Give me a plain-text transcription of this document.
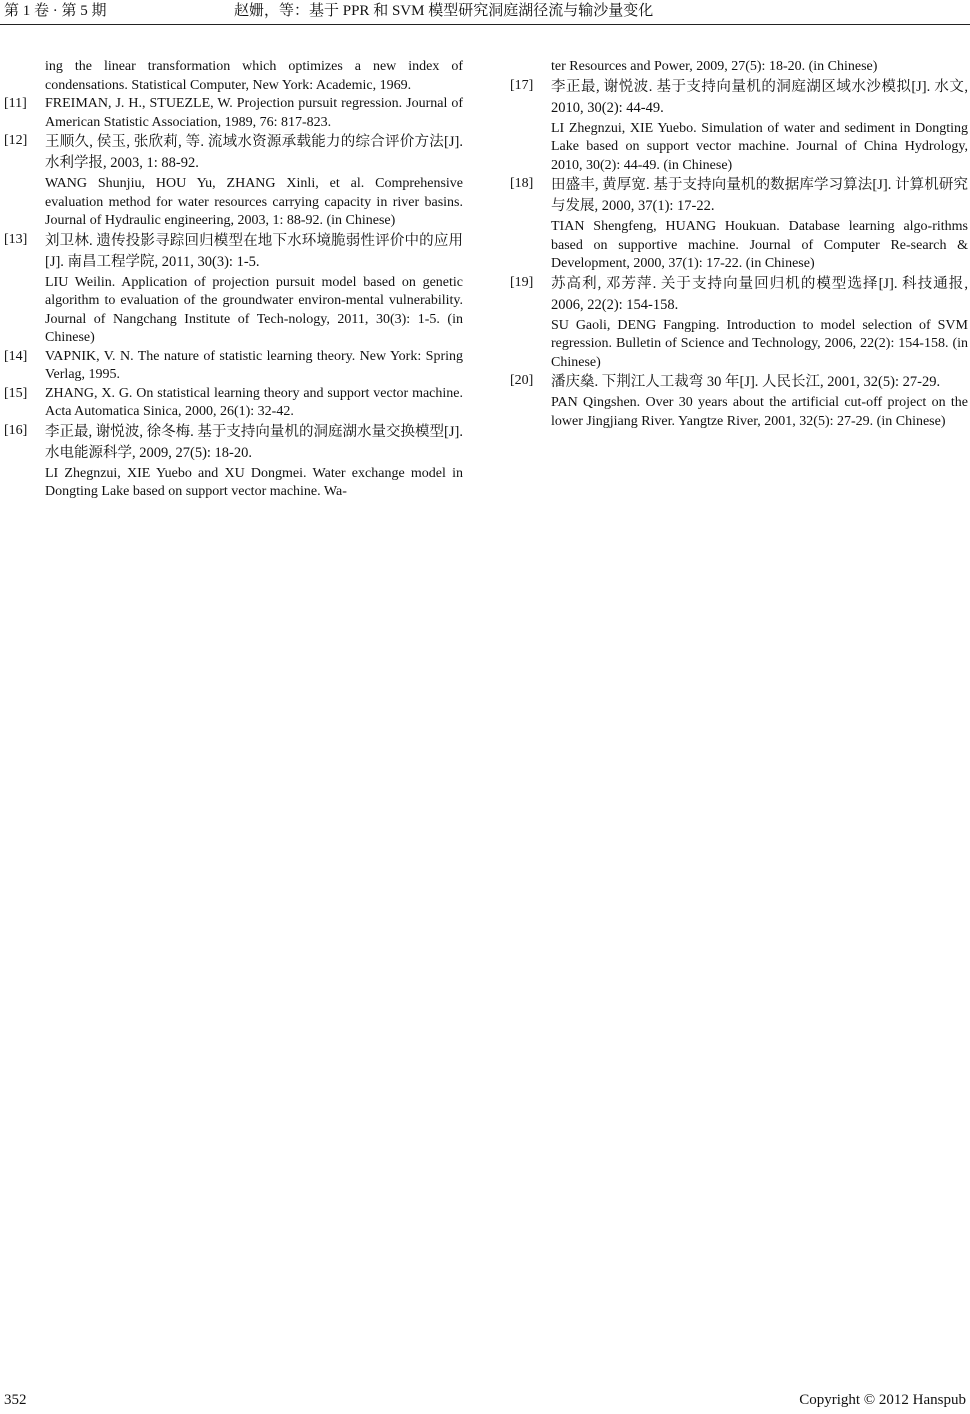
第 1 卷 · 第 5 期	赵姗，等：基于 PPR 和 SVM 模型研究洞庭湖径流与输沙量变化

ing the linear transformation which optimizes a new index of condensations. Statistical Computer, New York: Academic, 1969.

[11] FREIMAN, J. H., STUEZLE, W. Projection pursuit regression. Journal of American Statistic Association, 1989, 76: 817-823.

[12] 王顺久, 侯玉, 张欣莉, 等. 流域水资源承载能力的综合评价方法[J]. 水利学报, 2003, 1: 88-92.

WANG Shunjiu, HOU Yu, ZHANG Xinli, et al. Comprehensive evaluation method for water resources carrying capacity in river basins. Journal of Hydraulic engineering, 2003, 1: 88-92. (in Chinese)

[13] 刘卫林. 遗传投影寻踪回归模型在地下水环境脆弱性评价中的应用[J]. 南昌工程学院, 2011, 30(3): 1-5.

LIU Weilin. Application of projection pursuit model based on genetic algorithm to evaluation of the groundwater environ-mental vulnerability. Journal of Nangchang Institute of Tech-nology, 2011, 30(3): 1-5. (in Chinese)

[14] VAPNIK, V. N. The nature of statistic learning theory. New York: Spring Verlag, 1995.

[15] ZHANG, X. G. On statistical learning theory and support vector machine. Acta Automatica Sinica, 2000, 26(1): 32-42.

[16] 李正最, 谢悦波, 徐冬梅. 基于支持向量机的洞庭湖水量交换模型[J]. 水电能源科学, 2009, 27(5): 18-20.

LI Zhegnzui, XIE Yuebo and XU Dongmei. Water exchange model in Dongting Lake based on support vector machine. Wa-

ter Resources and Power, 2009, 27(5): 18-20. (in Chinese)

[17] 李正最, 谢悦波. 基于支持向量机的洞庭湖区域水沙模拟[J]. 水文, 2010, 30(2): 44-49.

LI Zhegnzui, XIE Yuebo. Simulation of water and sediment in Dongting Lake based on support vector machine. Journal of China Hydrology, 2010, 30(2): 44-49. (in Chinese)

[18] 田盛丰, 黄厚宽. 基于支持向量机的数据库学习算法[J]. 计算机研究与发展, 2000, 37(1): 17-22.

TIAN Shengfeng, HUANG Houkuan. Database learning algo-rithms based on supportive machine. Journal of Computer Re-search & Development, 2000, 37(1): 17-22. (in Chinese)

[19] 苏高利, 邓芳萍. 关于支持向量回归机的模型选择[J]. 科技通报, 2006, 22(2): 154-158.

SU Gaoli, DENG Fangping. Introduction to model selection of SVM regression. Bulletin of Science and Technology, 2006, 22(2): 154-158. (in Chinese)

[20] 潘庆燊. 下荆江人工裁弯 30 年[J]. 人民长江, 2001, 32(5): 27-29.

PAN Qingshen. Over 30 years about the artificial cut-off project on the lower Jingjiang River. Yangtze River, 2001, 32(5): 27-29. (in Chinese)

352	Copyright © 2012 Hanspub
